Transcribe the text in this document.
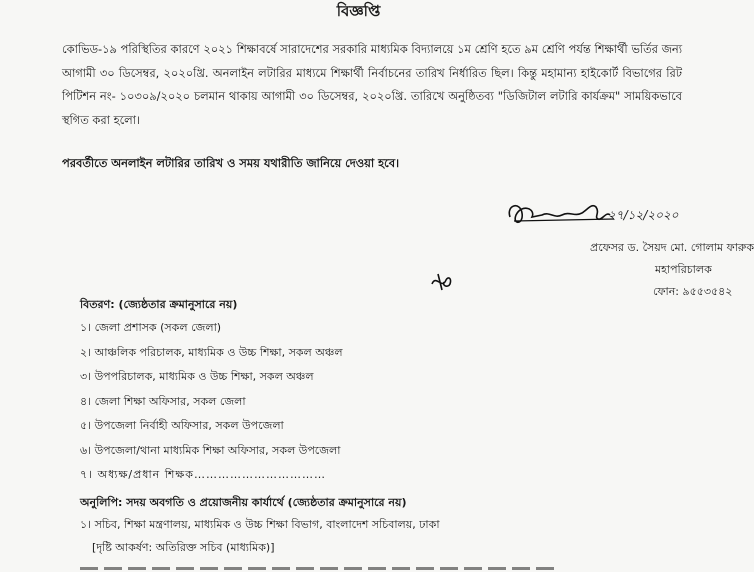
বিজ্ঞপ্তি

কোভিড-১৯ পরিস্থিতির কারণে ২০২১ শিক্ষাবর্ষে সারাদেশের সরকারি মাধ্যমিক বিদ্যালয়ে ১ম শ্রেণি হতে ৯ম শ্রেণি পর্যন্ত শিক্ষার্থী ভর্তির জন্য আগামী ৩০ ডিসেম্বর, ২০২০খ্রি. অনলাইন লটারির মাধ্যমে শিক্ষার্থী নির্বাচনের তারিখ নির্ধারিত ছিল। কিন্তু মহামান্য হাইকোর্ট বিভাগের রিট পিটিশন নং- ১০৩০৯/২০২০ চলমান থাকায় আগামী ৩০ ডিসেম্বর, ২০২০খ্রি. তারিখে অনুষ্ঠিতব্য "ডিজিটাল লটারি কার্যক্রম" সাময়িকভাবে স্থগিত করা হলো।

পরবর্তীতে অনলাইন লটারির তারিখ ও সময় যথারীতি জানিয়ে দেওয়া হবে।

২৭/১২/২০২০
প্রফেসর ড. সৈয়দ মো. গোলাম ফারুক
মহাপরিচালক
ফোন: ৯৫৫৩৫৪২
বিতরণ: (জ্যেষ্ঠতার ক্রমানুসারে নয়)
১। জেলা প্রশাসক (সকল জেলা)
২। আঞ্চলিক পরিচালক, মাধ্যমিক ও উচ্চ শিক্ষা, সকল অঞ্চল
৩। উপপরিচালক, মাধ্যমিক ও উচ্চ শিক্ষা, সকল অঞ্চল
৪। জেলা শিক্ষা অফিসার, সকল জেলা
৫। উপজেলা নির্বাহী অফিসার, সকল উপজেলা
৬। উপজেলা/থানা মাধ্যমিক শিক্ষা অফিসার, সকল উপজেলা
৭। অধ্যক্ষ/প্রধান শিক্ষক……………………………
অনুলিপি: সদয় অবগতি ও প্রয়োজনীয় কার্যার্থে (জ্যেষ্ঠতার ক্রমানুসারে নয়)
১। সচিব, শিক্ষা মন্ত্রণালয়, মাধ্যমিক ও উচ্চ শিক্ষা বিভাগ, বাংলাদেশ সচিবালয়, ঢাকা
[দৃষ্টি আকর্ষণ: অতিরিক্ত সচিব (মাধ্যমিক)]
